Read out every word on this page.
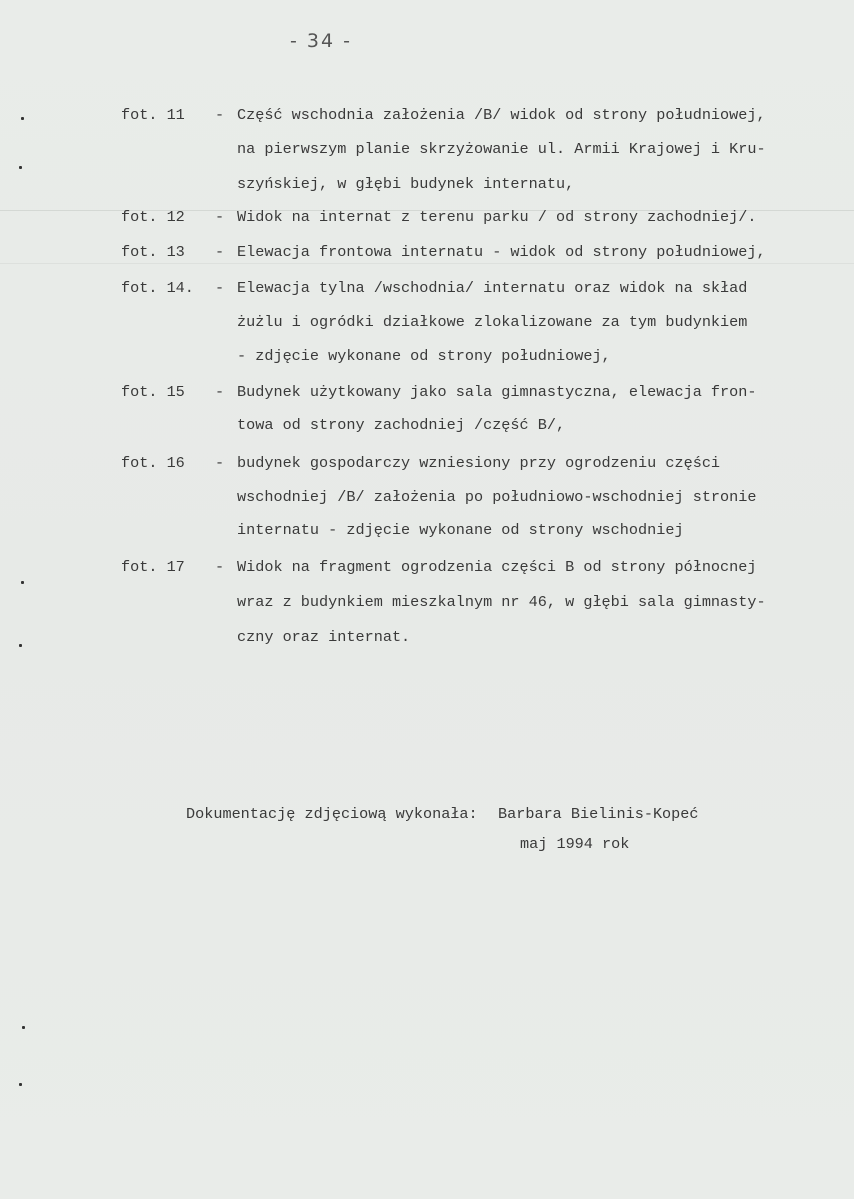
- 34 -
fot. 11 - Część wschodnia założenia /B/ widok od strony południowej,
na pierwszym planie skrzyżowanie ul. Armii Krajowej i Kru-
szyńskiej, w głębi budynek internatu,
fot. 12 - Widok na internat z terenu parku / od strony zachodniej/.
fot. 13 - Elewacja frontowa internatu - widok od strony południowej,
fot. 14. - Elewacja tylna /wschodnia/ internatu oraz widok na skład
żużlu i ogródki działkowe zlokalizowane za tym budynkiem
- zdjęcie wykonane od strony południowej,
fot. 15 - Budynek użytkowany jako sala gimnastyczna, elewacja fron-
towa od strony zachodniej /część B/,
fot. 16 - budynek gospodarczy wzniesiony przy ogrodzeniu części
wschodniej /B/ założenia po południowo-wschodniej stronie
internatu - zdjęcie wykonane od strony wschodniej
fot. 17 - Widok na fragment ogrodzenia części B od strony północnej
wraz z budynkiem mieszkalnym nr 46, w głębi sala gimnasty-
czny oraz internat.
Dokumentację zdjęciową wykonała: Barbara Bielinis-Kopeć
maj 1994 rok
